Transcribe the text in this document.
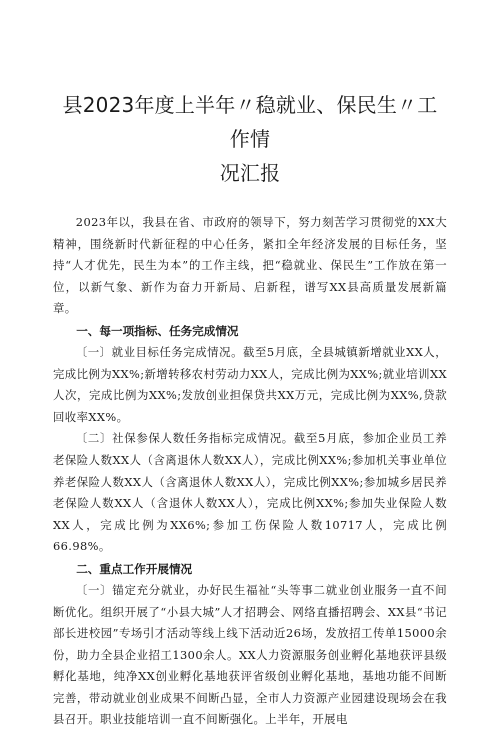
县2023年度上半年〃稳就业、保民生〃工作情
况汇报

2023年以，我县在省、市政府的领导下，努力刻苦学习贯彻党的XX大精神，围绕新时代新征程的中心任务，紧扣全年经济发展的目标任务，坚持“人才优先，民生为本”的工作主线，把“稳就业、保民生”工作放在第一位，以新气象、新作为奋力开新局、启新程，谱写XX县高质量发展新篇章。

一、每一项指标、任务完成情况

〔一〕就业目标任务完成情况。截至5月底，全县城镇新增就业XX人，完成比例为XX%;新增转移农村劳动力XX人，完成比例为XX%;就业培训XX人次，完成比例为XX%;发放创业担保贷共XX万元，完成比例为XX%,贷款回收率XX%。

〔二〕社保参保人数任务指标完成情况。截至5月底，参加企业员工养老保险人数XX人（含离退休人数XX人），完成比例XX%;参加机关事业单位养老保险人数XX人（含离退休人数XX人），完成比例XX%;参加城乡居民养老保险人数XX人（含退休人数XX人），完成比例XX%;参加失业保险人数XX人，完成比例为XX6%;参加工伤保险人数10717人，完成比例66.98%。

二、重点工作开展情况

〔一〕锚定充分就业，办好民生福祉“头等事二就业创业服务一直不间断优化。组织开展了“小县大城”人才招聘会、网络直播招聘会、XX县“书记部长进校园”专场引才活动等线上线下活动近26场，发放招工传单15000余份，助力全县企业招工1300余人。XX人力资源服务创业孵化基地获评县级孵化基地，纯净XX创业孵化基地获评省级创业孵化基地，基地功能不间断完善，带动就业创业成果不间断凸显，全市人力资源产业园建设现场会在我县召开。职业技能培训一直不间断强化。上半年，开展电
